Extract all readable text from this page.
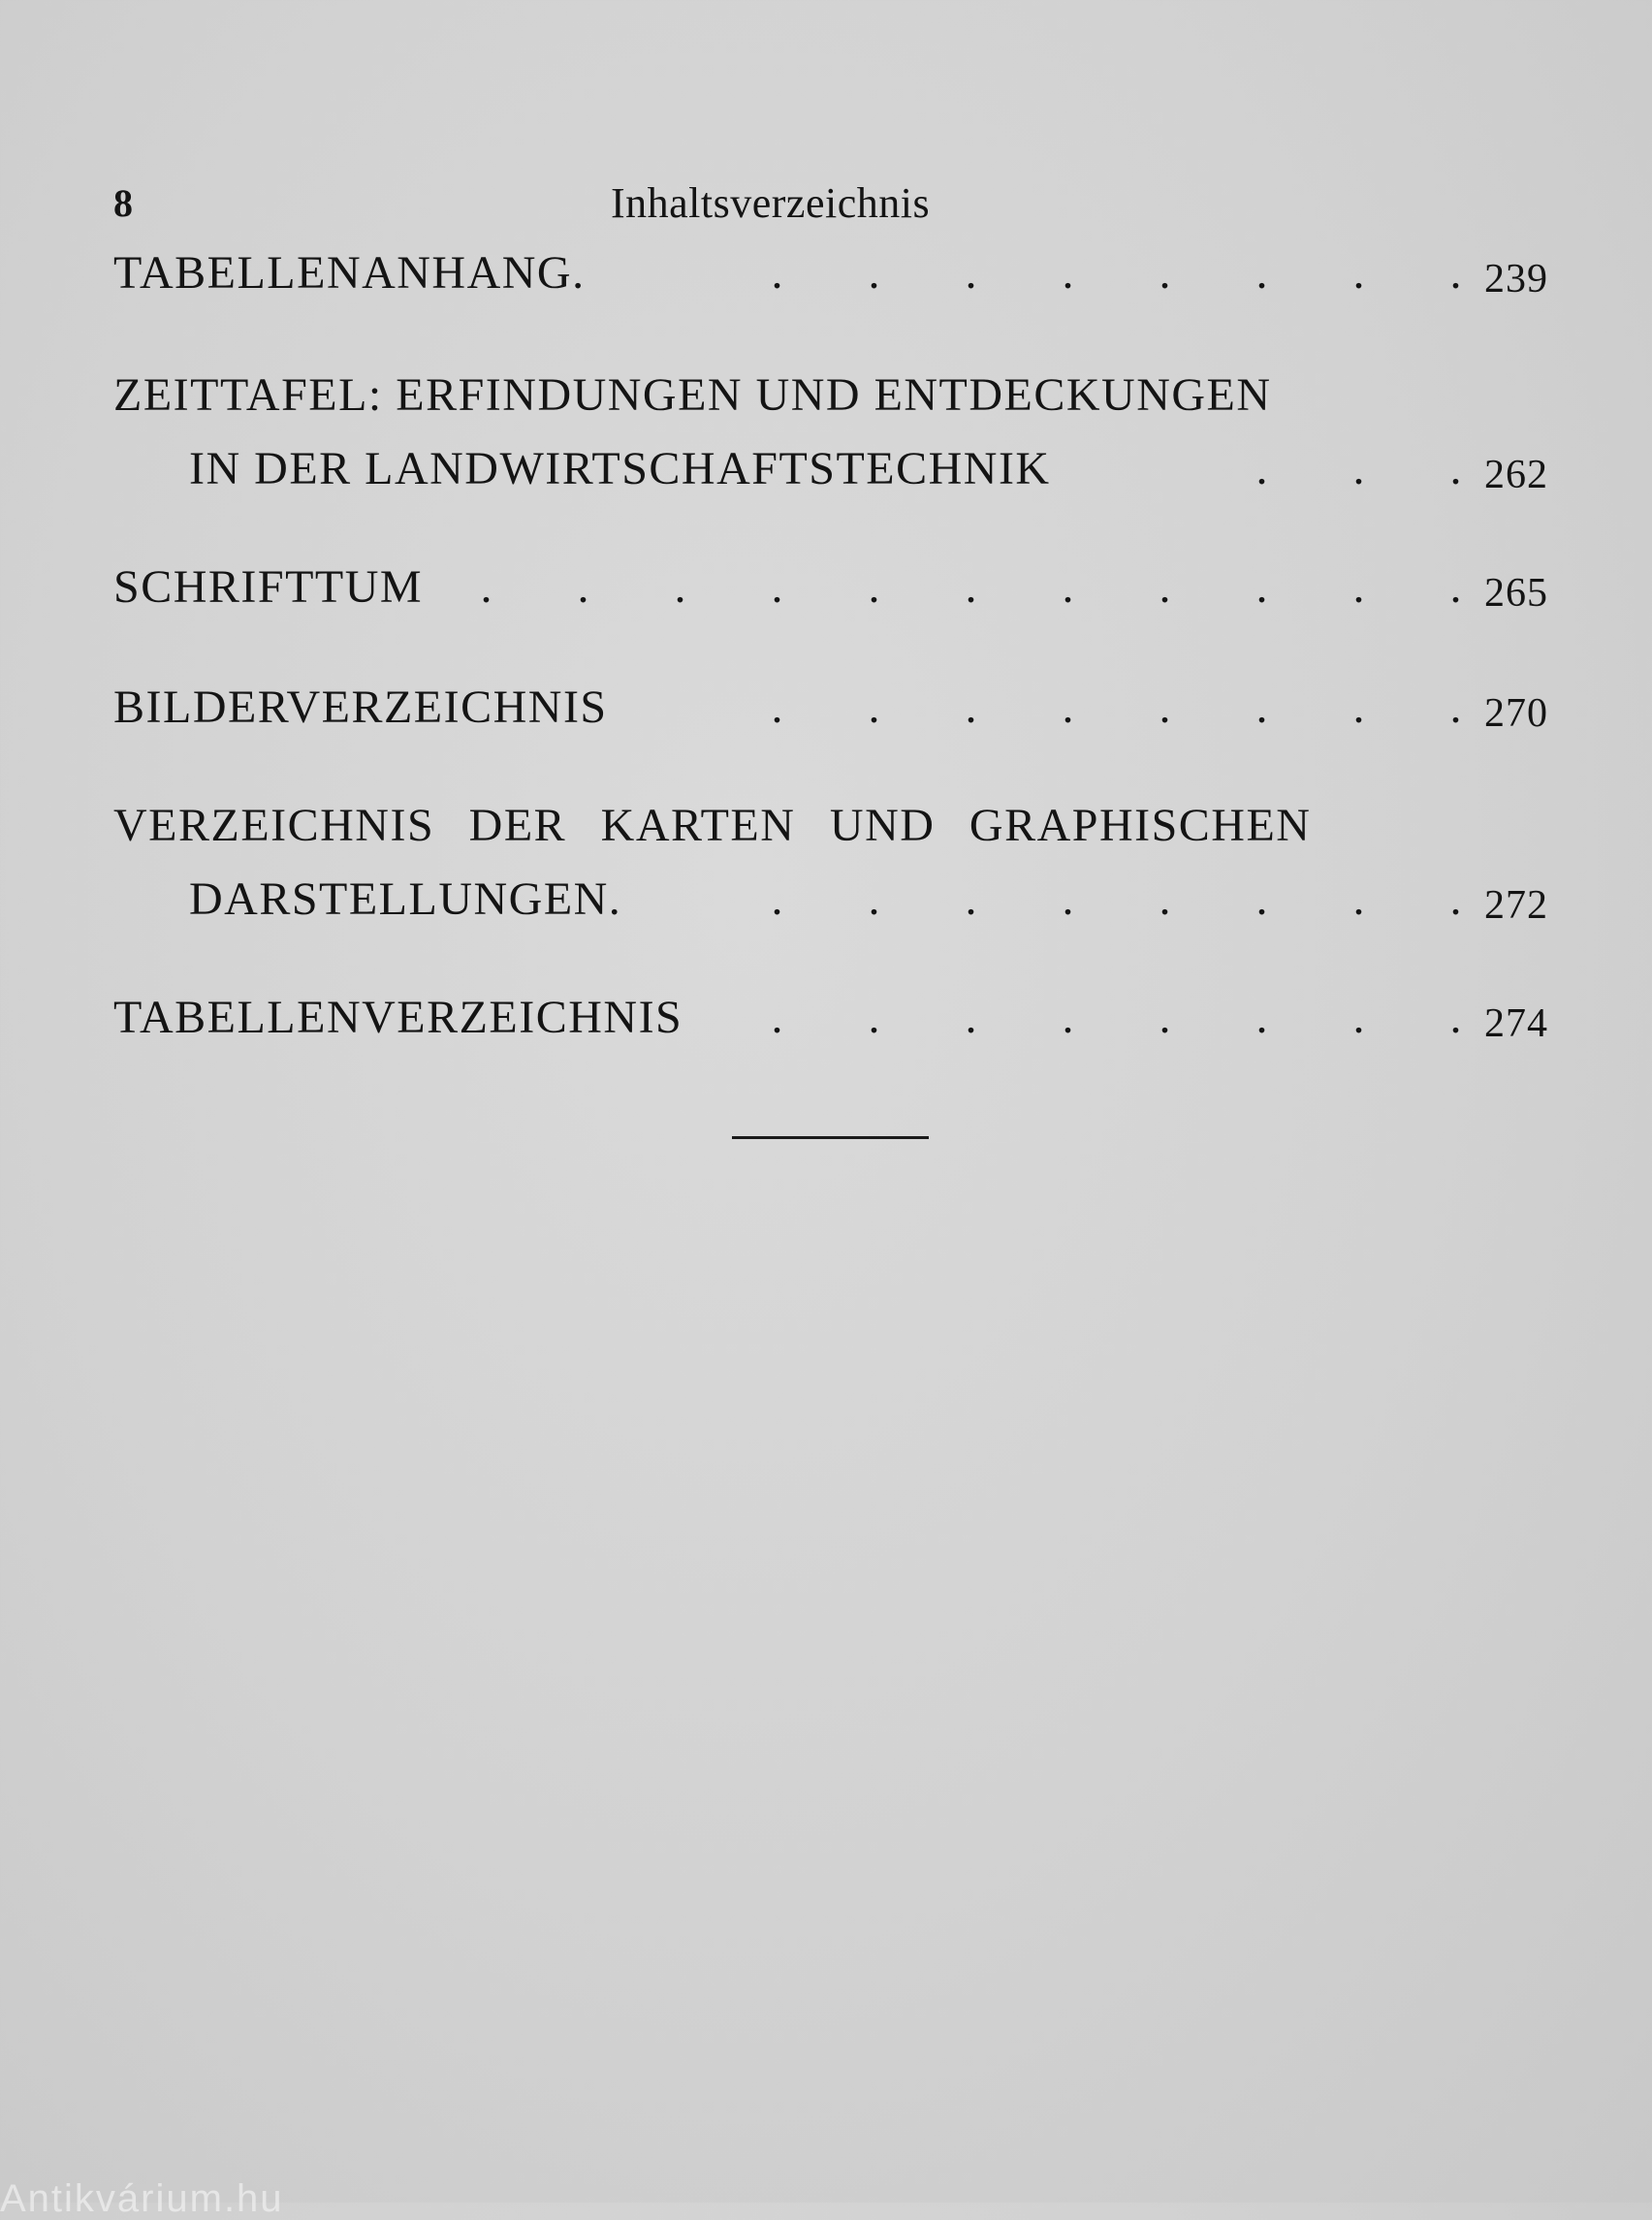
8	Inhaltsverzeichnis
TABELLENANHANG.	.	.	.	.	.	.	.	. 239
ZEITTAFEL: ERFINDUNGEN UND ENTDECKUNGEN
IN DER LANDWIRTSCHAFTSTECHNIK	.	.	. 262
SCHRIFTTUM	.	.	.	.	.	.	.	.	.	.	. 265
BILDERVERZEICHNIS	.	.	.	.	.	.	.	. 270
VERZEICHNIS DER KARTEN UND GRAPHISCHEN
DARSTELLUNGEN.	.	.	.	.	.	.	.	. 272
TABELLENVERZEICHNIS	.	.	.	.	.	.	.	. 274
Antikvárium.hu
